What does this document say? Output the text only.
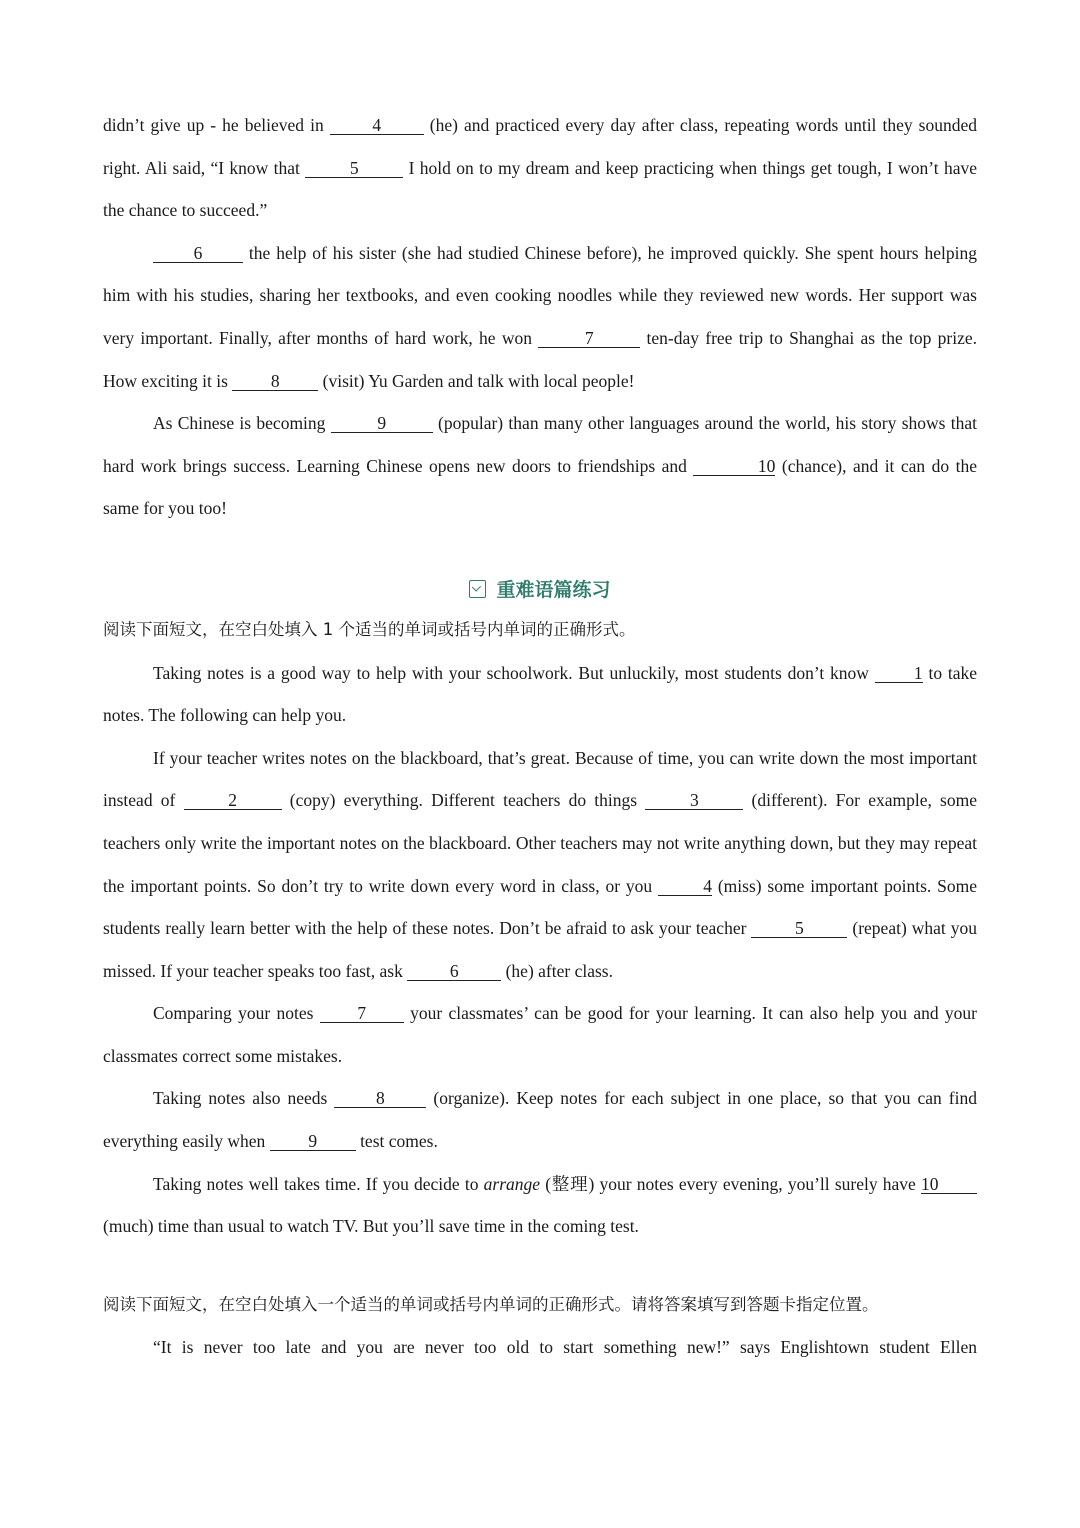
didn’t give up - he believed in 4 (he) and practiced every day after class, repeating words until they sounded right. Ali said, “I know that	5	I hold on to my dream and keep practicing when things get tough, I won’t have the chance to succeed.”

6 the help of his sister (she had studied Chinese before), he improved quickly. She spent hours helping him with his studies, sharing her textbooks, and even cooking noodles while they reviewed new words. Her support was very important. Finally, after months of hard work, he won	7	ten-day free trip to Shanghai as the top prize. How exciting it is 8 (visit) Yu Garden and talk with local people!

As Chinese is becoming	9	(popular) than many other languages around the world, his story shows that hard work brings success. Learning Chinese opens new doors to friendships and	10 (chance), and it can do the same for you too!

重难语篇练习

阅读下面短文，在空白处填入 1 个适当的单词或括号内单词的正确形式。

Taking notes is a good way to help with your schoolwork. But unluckily, most students don’t know 1 to take notes. The following can help you.

If your teacher writes notes on the blackboard, that’s great. Because of time, you can write down the most important instead of	2	(copy) everything. Different teachers do things	3	(different). For example, some teachers only write the important notes on the blackboard. Other teachers may not write anything down, but they may repeat the important points. So don’t try to write down every word in class, or you	4 (miss) some important points. Some students really learn better with the help of these notes. Don’t be afraid to ask your teacher 5 (repeat) what you missed. If your teacher speaks too fast, ask 6 (he) after class.

Comparing your notes 7 your classmates’ can be good for your learning. It can also help you and your classmates correct some mistakes.

Taking notes also needs 8 (organize). Keep notes for each subject in one place, so that you can find everything easily when 9 test comes.

Taking notes well takes time. If you decide to arrange (整理) your notes every evening, you’ll surely have 10 (much) time than usual to watch TV. But you’ll save time in the coming test.

阅读下面短文，在空白处填入一个适当的单词或括号内单词的正确形式。请将答案填写到答题卡指定位置。

“It is never too late and you are never too old to start something new!” says Englishtown student Ellen
